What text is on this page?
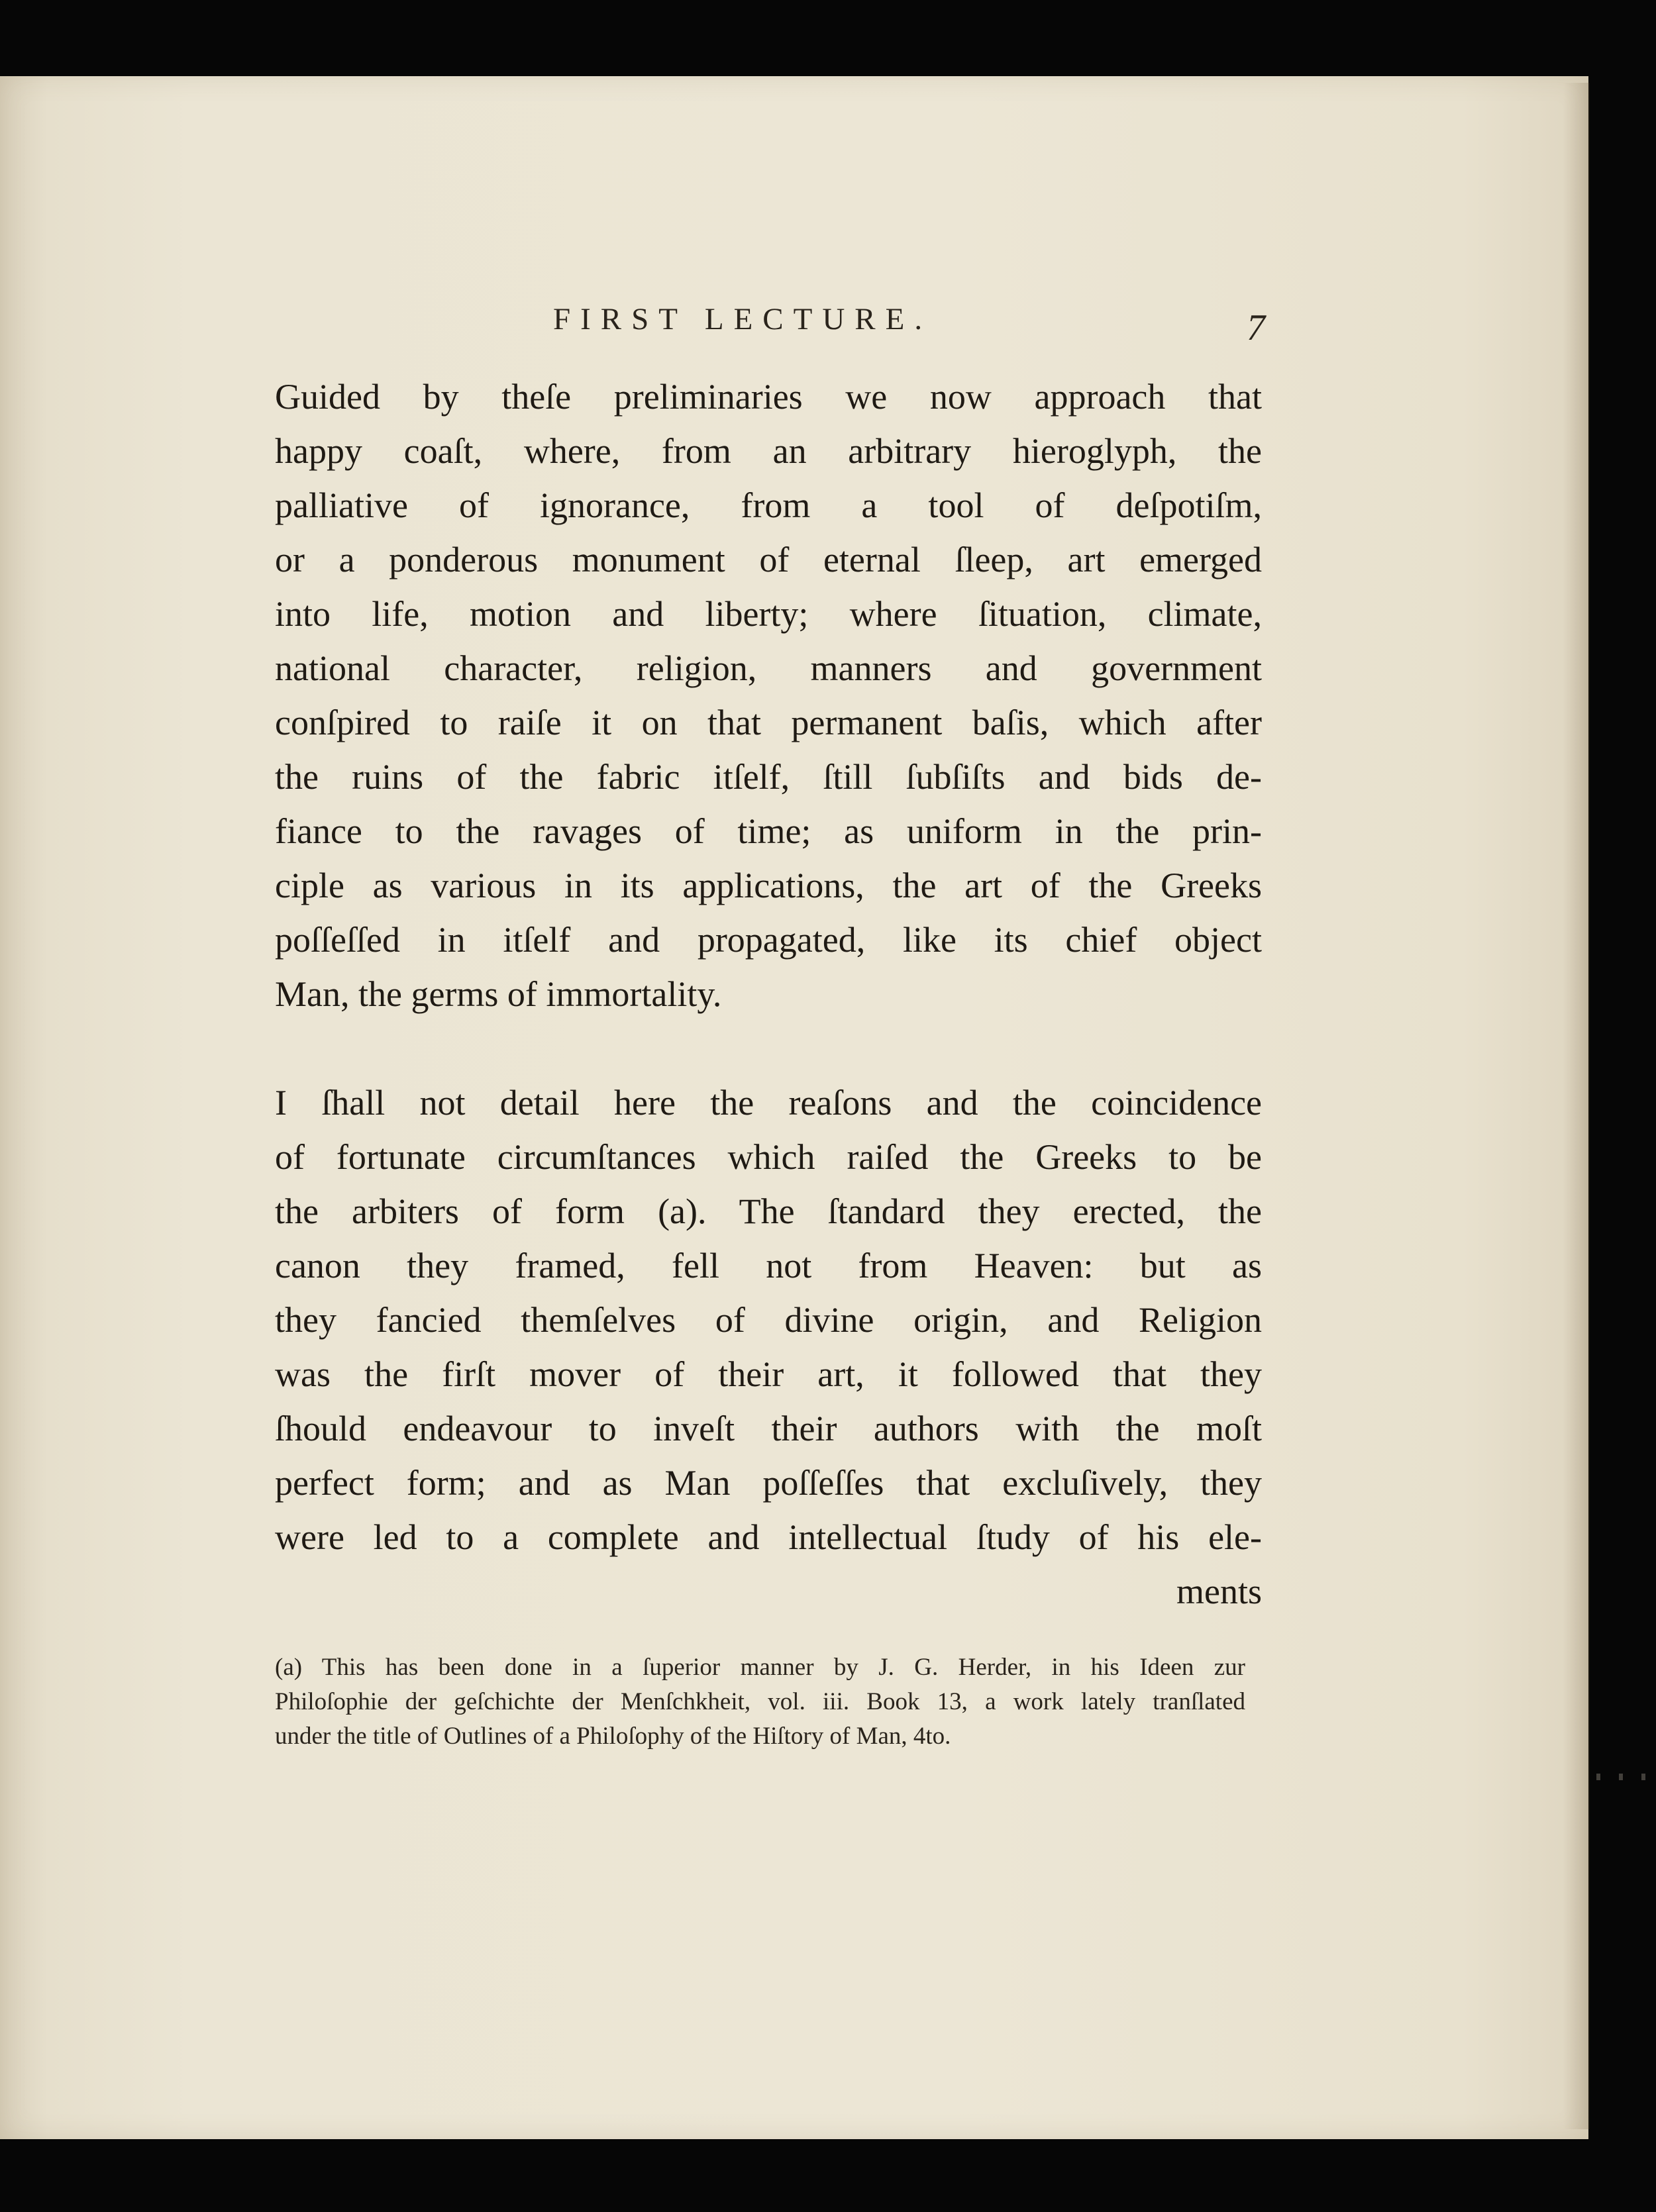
FIRST LECTURE.	7
Guided by theſe preliminaries we now approach that
happy coaſt, where, from an arbitrary hieroglyph, the
palliative of ignorance, from a tool of deſpotiſm,
or a ponderous monument of eternal ſleep, art emerged
into life, motion and liberty; where ſituation, climate,
national character, religion, manners and government
conſpired to raiſe it on that permanent baſis, which after
the ruins of the fabric itſelf, ſtill ſubſiſts and bids de-
fiance to the ravages of time; as uniform in the prin-
ciple as various in its applications, the art of the Greeks
poſſeſſed in itſelf and propagated, like its chief object
Man, the germs of immortality.
I ſhall not detail here the reaſons and the coincidence
of fortunate circumſtances which raiſed the Greeks to be
the arbiters of form (a). The ſtandard they erected, the
canon they framed, fell not from Heaven: but as
they fancied themſelves of divine origin, and Religion
was the firſt mover of their art, it followed that they
ſhould endeavour to inveſt their authors with the moſt
perfect form; and as Man poſſeſſes that excluſively, they
were led to a complete and intellectual ſtudy of his ele-
ments
(a) This has been done in a ſuperior manner by J. G. Herder, in his Ideen zur
Philoſophie der geſchichte der Menſchkheit, vol. iii. Book 13, a work lately tranſlated
under the title of Outlines of a Philoſophy of the Hiſtory of Man, 4to.
